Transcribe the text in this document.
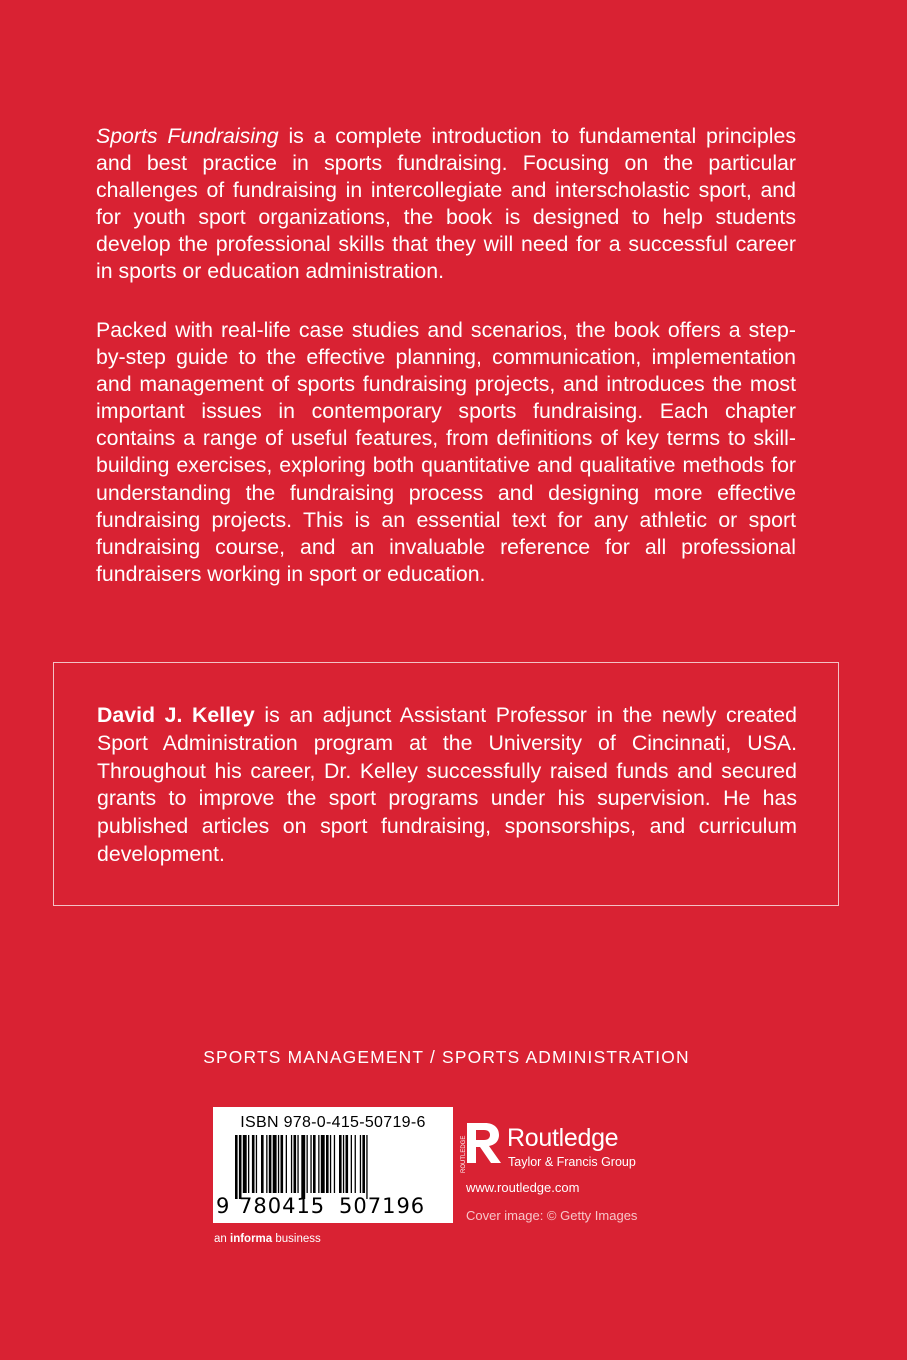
Sports Fundraising is a complete introduction to fundamental principles and best practice in sports fundraising. Focusing on the particular challenges of fundraising in intercollegiate and interscholastic sport, and for youth sport organizations, the book is designed to help students develop the professional skills that they will need for a successful career in sports or education administration.

Packed with real-life case studies and scenarios, the book offers a step-by-step guide to the effective planning, communication, implementation and management of sports fundraising projects, and introduces the most important issues in contemporary sports fundraising. Each chapter contains a range of useful features, from definitions of key terms to skill-building exercises, exploring both quantitative and qualitative methods for understanding the fundraising process and designing more effective fundraising projects. This is an essential text for any athletic or sport fundraising course, and an invaluable reference for all professional fundraisers working in sport or education.

David J. Kelley is an adjunct Assistant Professor in the newly created Sport Administration program at the University of Cincinnati, USA. Throughout his career, Dr. Kelley successfully raised funds and secured grants to improve the sport programs under his supervision. He has published articles on sport fundraising, sponsorships, and curriculum development.

SPORTS MANAGEMENT / SPORTS ADMINISTRATION
ISBN 978-0-415-50719-6
9 780415 507196
an informa business
ROUTLEDGE Routledge
Taylor & Francis Group
www.routledge.com
Cover image: © Getty Images
